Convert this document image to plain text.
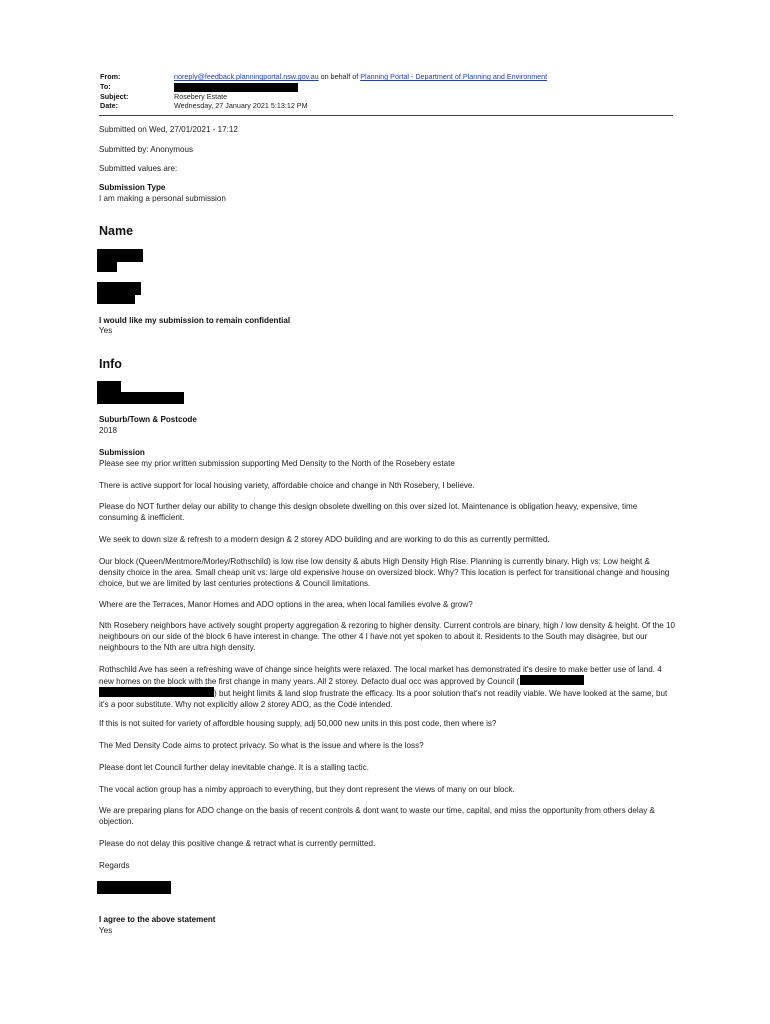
From:	noreply@feedback.planningportal.nsw.gov.au on behalf of Planning Portal - Department of Planning and Environment
To:
Subject:	Rosebery Estate
Date:	Wednesday, 27 January 2021 5:13:12 PM
Submitted on Wed, 27/01/2021 - 17:12
Submitted by: Anonymous
Submitted values are:
Submission Type
I am making a personal submission
Name
I would like my submission to remain confidential
Yes
Info
Suburb/Town & Postcode
2018
Submission
Please see my prior written submission supporting Med Density to the North of the Rosebery estate
There is active support for local housing variety, affordable choice and change in Nth Rosebery, I believe.
Please do NOT further delay our ability to change this design obsolete dwelling on this over sized lot. Maintenance is obligation heavy, expensive, time consuming & inefficient.
We seek to down size & refresh to a modern design & 2 storey ADO building and are working to do this as currently permitted.
Our block (Queen/Mentmore/Morley/Rothschild) is low rise low density & abuts High Density High Rise. Planning is currently binary. High vs: Low height & density choice in the area. Small cheap unit vs: large old expensive house on oversized block. Why? This location is perfect for transitional change and housing choice, but we are limited by last centuries protections & Council limitations.
Where are the Terraces, Manor Homes and ADO options in the area, when local families evolve & grow?
Nth Rosebery neighbors have actively sought property aggregation & rezoring to higher density. Current controls are binary, high / low density & height. Of the 10 neighbours on our side of the block 6 have interest in change. The other 4 I have not yet spoken to about it. Residents to the South may disagree, but our neighbours to the Nth are ultra high density.
Rothschild Ave has seen a refreshing wave of change since heights were relaxed. The local market has demonstrated it's desire to make better use of land. 4 new homes on the block with the first change in many years. All 2 storey. Defacto dual occ was approved by Council (
) but height limits & land slop frustrate the efficacy. Its a poor solution that's not readily viable. We have looked at the same, but it's a poor substitute. Why not explicitly allow 2 storey ADO, as the Code intended.
If this is not suited for variety of affordble housing supply, adj 50,000 new units in this post code, then where is?
The Med Density Code aims to protect privacy. So what is the issue and where is the loss?
Please dont let Council further delay inevitable change. It is a stalling tactic.
The vocal action group has a nimby approach to everything, but they dont represent the views of many on our block.
We are preparing plans for ADO change on the basis of recent controls & dont want to waste our time, capital, and miss the opportunity from others delay & objection.
Please do not delay this positive change & retract what is currently permitted.
Regards
I agree to the above statement
Yes
